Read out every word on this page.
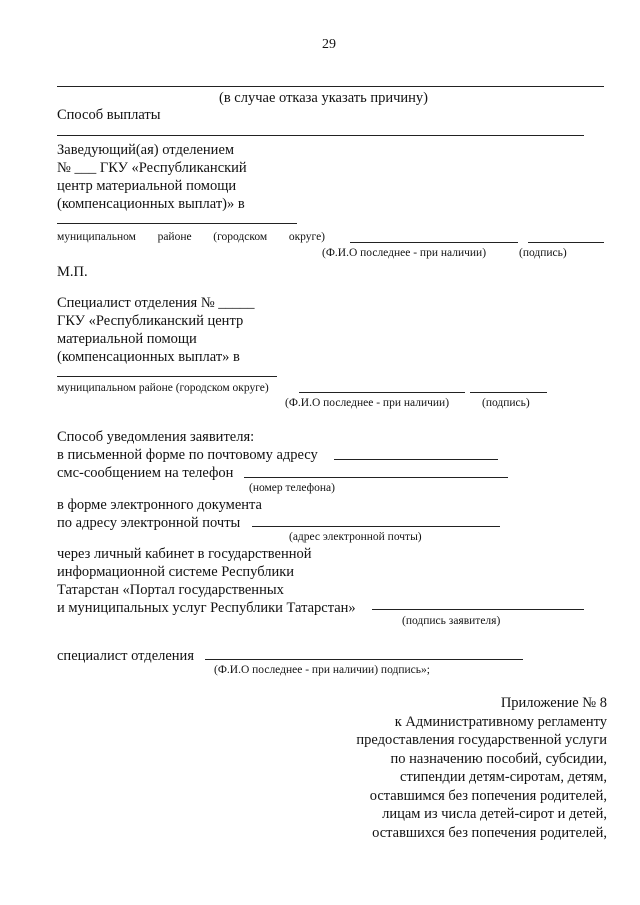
29
(в случае отказа указать причину)
Способ выплаты
Заведующий(ая) отделением
№ ___ ГКУ «Республиканский
центр материальной помощи
(компенсационных выплат)» в
муниципальном районе (городском округе)
(Ф.И.О последнее - при наличии)	(подпись)
М.П.
Специалист отделения № _____
ГКУ «Республиканский центр
материальной помощи
(компенсационных выплат» в
муниципальном районе (городском округе)
(Ф.И.О последнее - при наличии)	(подпись)
Способ уведомления заявителя:
в письменной форме по почтовому адресу
смс-сообщением на телефон
(номер телефона)
в форме электронного документа
по адресу электронной почты
(адрес электронной почты)
через личный кабинет в государственной
информационной системе Республики
Татарстан «Портал государственных
и муниципальных услуг Республики Татарстан»
(подпись заявителя)
специалист отделения
(Ф.И.О последнее - при наличии) подпись»;
Приложение № 8
к Административному регламенту
предоставления государственной услуги
по назначению пособий, субсидии,
стипендии детям-сиротам, детям,
оставшимся без попечения родителей,
лицам из числа детей-сирот и детей,
оставшихся без попечения родителей,
